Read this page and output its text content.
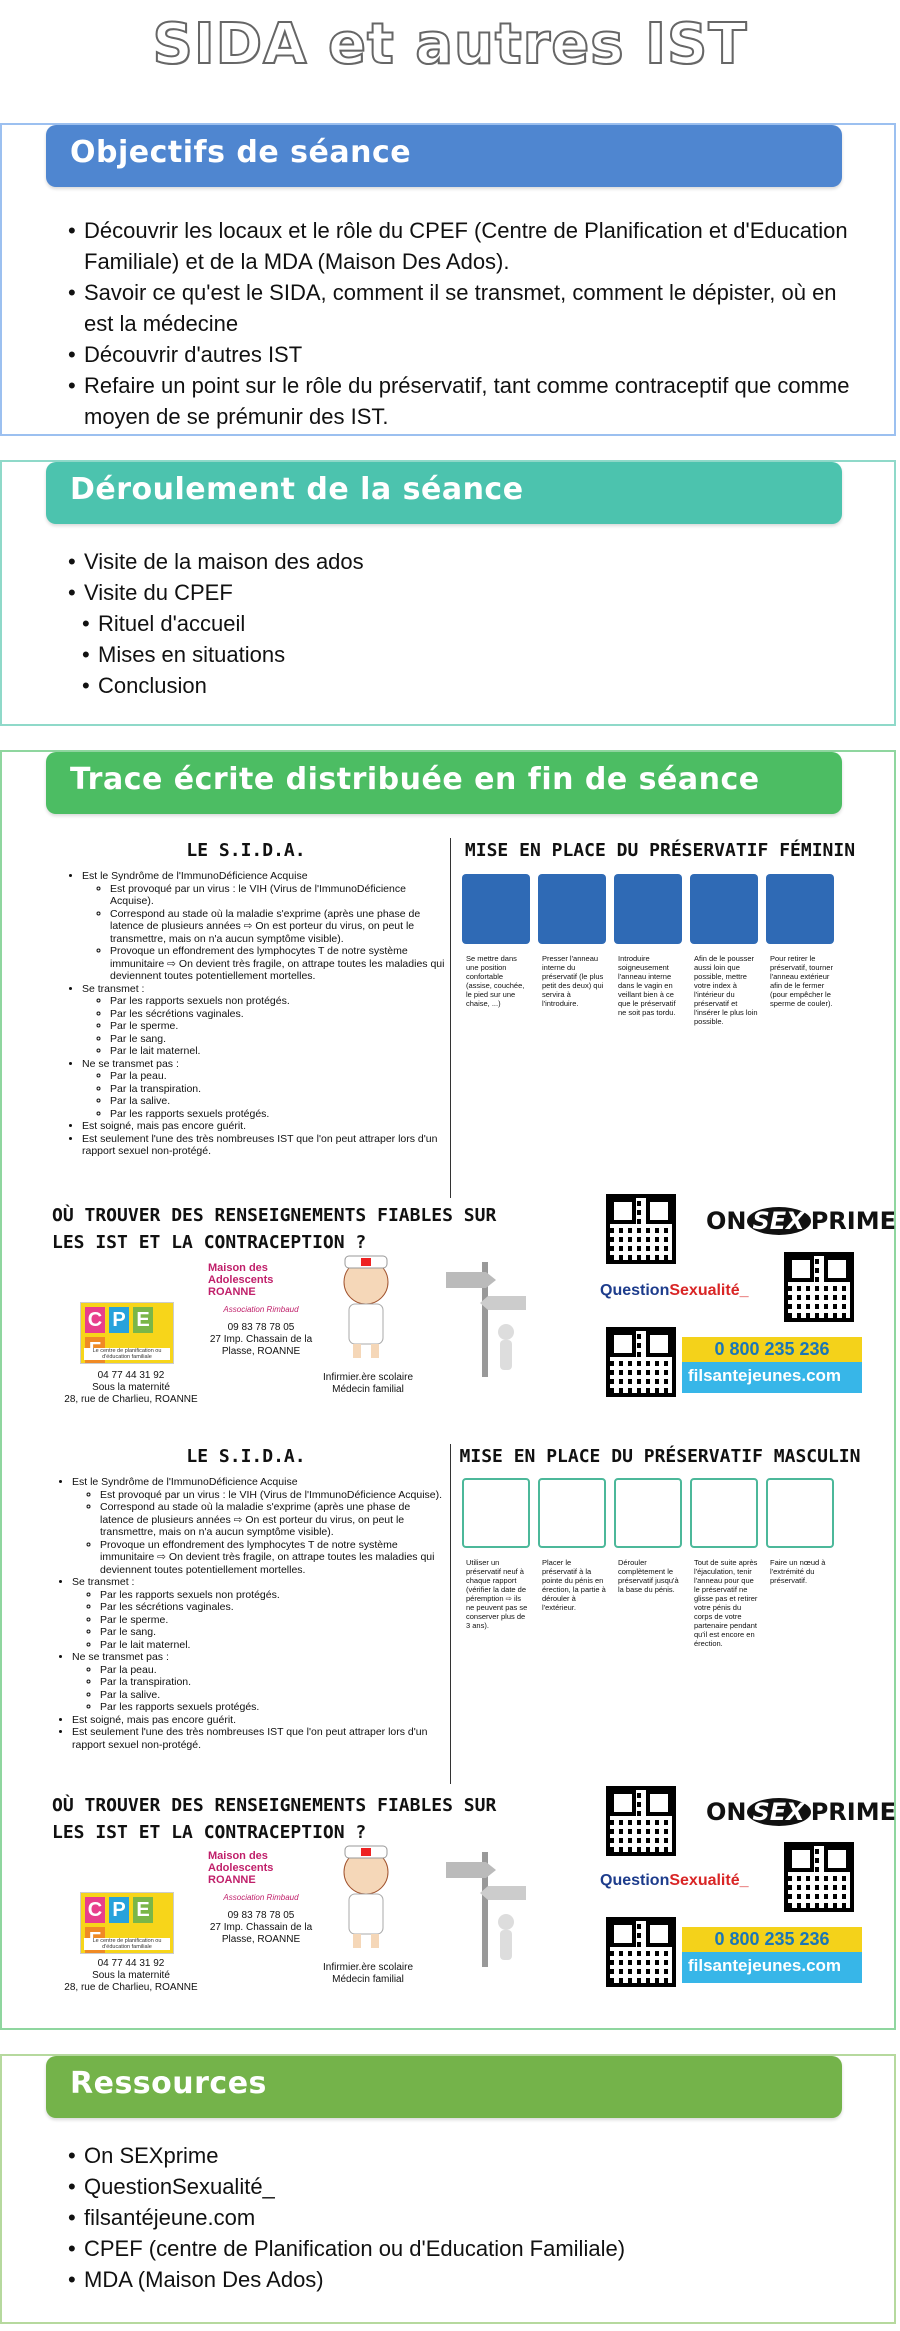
SIDA et autres IST
Objectifs de séance
• Découvrir les locaux et le rôle du CPEF (Centre de Planification et d'Education Familiale) et de la MDA (Maison Des Ados).
• Savoir ce qu'est le SIDA, comment il se transmet, comment le dépister, où en est la médecine
• Découvrir d'autres IST
• Refaire un point sur le rôle du préservatif, tant comme contraceptif que comme moyen de se prémunir des IST.
Déroulement de la séance
• Visite de la maison des ados
• Visite du CPEF
• Rituel d'accueil
• Mises en situations
• Conclusion
Trace écrite distribuée en fin de séance
LE S.I.D.A.	MISE EN PLACE DU PRÉSERVATIF FÉMININ
• Est le Syndrôme de l'ImmunoDéficience Acquise
◦ Est provoqué par un virus : le VIH (Virus de l'ImmunoDéficience Acquise).
◦ Correspond au stade où la maladie s'exprime (après une phase de latence de plusieurs années ⇨ On est porteur du virus, on peut le transmettre, mais on n'a aucun symptôme visible).
◦ Provoque un effondrement des lymphocytes T de notre système immunitaire ⇨ On devient très fragile, on attrape toutes les maladies qui deviennent toutes potentiellement mortelles.
• Se transmet :
◦ Par les rapports sexuels non protégés.
◦ Par les sécrétions vaginales.
◦ Par le sperme.
◦ Par le sang.
◦ Par le lait maternel.
• Ne se transmet pas :
◦ Par la peau.
◦ Par la transpiration.
◦ Par la salive.
◦ Par les rapports sexuels protégés.
• Est soigné, mais pas encore guérit.
• Est seulement l'une des très nombreuses IST que l'on peut attraper lors d'un rapport sexuel non-protégé.
Se mettre dans une position confortable (assise, couchée, le pied sur une chaise, ...)
Presser l'anneau interne du préservatif (le plus petit des deux) qui servira à l'introduire.
Introduire soigneusement l'anneau interne dans le vagin en veillant bien à ce que le préservatif ne soit pas tordu.
Afin de le pousser aussi loin que possible, mettre votre index à l'intérieur du préservatif et l'insérer le plus loin possible.
Pour retirer le préservatif, tourner l'anneau extérieur afin de le fermer (pour empêcher le sperme de couler).
OÙ TROUVER DES RENSEIGNEMENTS FIABLES SUR LES IST ET LA CONTRACEPTION ?
C P E
Le centre de planification ou d'éducation familiale
04 77 44 31 92
Sous la maternité
28, rue de Charlieu, ROANNE
Maison des Adolescents ROANNE
Association Rimbaud
09 83 78 78 05
27 Imp. Chassain de la Plasse, ROANNE
Infirmier.ère scolaire
Médecin familial
ON SEX PRIME
QuestionSexualité_
0 800 235 236
filsantejeunes.com
LE S.I.D.A.	MISE EN PLACE DU PRÉSERVATIF MASCULIN
• Est le Syndrôme de l'ImmunoDéficience Acquise
◦ Est provoqué par un virus : le VIH (Virus de l'ImmunoDéficience Acquise).
◦ Correspond au stade où la maladie s'exprime (après une phase de latence de plusieurs années ⇨ On est porteur du virus, on peut le transmettre, mais on n'a aucun symptôme visible).
◦ Provoque un effondrement des lymphocytes T de notre système immunitaire ⇨ On devient très fragile, on attrape toutes les maladies qui deviennent toutes potentiellement mortelles.
• Se transmet :
◦ Par les rapports sexuels non protégés.
◦ Par les sécrétions vaginales.
◦ Par le sperme.
◦ Par le sang.
◦ Par le lait maternel.
• Ne se transmet pas :
◦ Par la peau.
◦ Par la transpiration.
◦ Par la salive.
◦ Par les rapports sexuels protégés.
• Est soigné, mais pas encore guérit.
• Est seulement l'une des très nombreuses IST que l'on peut attraper lors d'un rapport sexuel non-protégé.
Utiliser un préservatif neuf à chaque rapport (vérifier la date de péremption ⇨ ils ne peuvent pas se conserver plus de 3 ans).
Placer le préservatif à la pointe du pénis en érection, la partie à dérouler à l'extérieur.
Dérouler complètement le préservatif jusqu'à la base du pénis.
Tout de suite après l'éjaculation, tenir l'anneau pour que le préservatif ne glisse pas et retirer votre pénis du corps de votre partenaire pendant qu'il est encore en érection.
Faire un nœud à l'extrémité du préservatif.
OÙ TROUVER DES RENSEIGNEMENTS FIABLES SUR LES IST ET LA CONTRACEPTION ?
C P E
Le centre de planification ou d'éducation familiale
04 77 44 31 92
Sous la maternité
28, rue de Charlieu, ROANNE
Maison des Adolescents ROANNE
Association Rimbaud
09 83 78 78 05
27 Imp. Chassain de la Plasse, ROANNE
Infirmier.ère scolaire
Médecin familial
ON SEX PRIME
QuestionSexualité_
0 800 235 236
filsantejeunes.com
Ressources
• On SEXprime
• QuestionSexualité_
• filsantéjeune.com
• CPEF (centre de Planification ou d'Education Familiale)
• MDA (Maison Des Ados)
